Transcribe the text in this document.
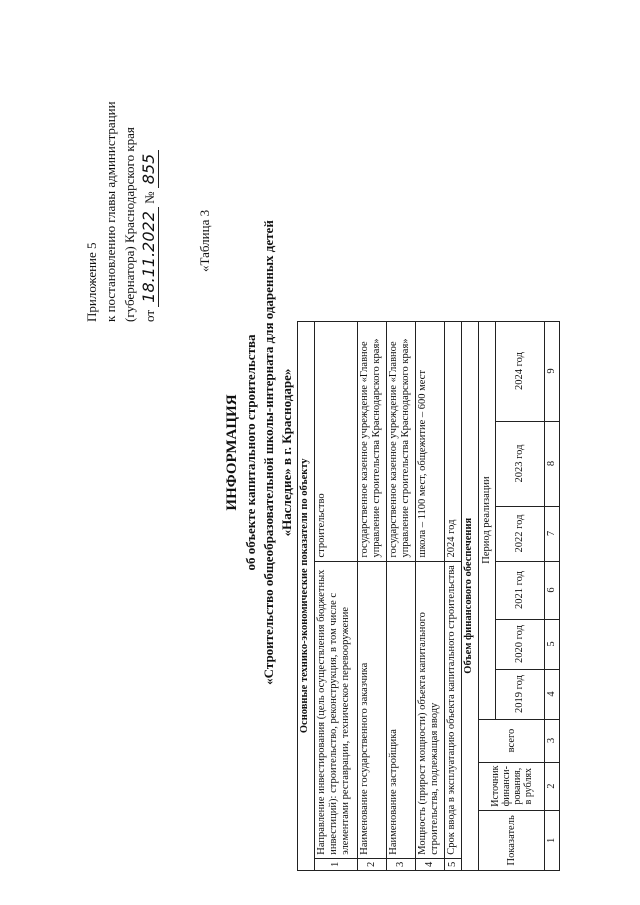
Приложение 5 к постановлению главы администрации (губернатора) Краснодарского края от 18.11.2022 № 855
«Таблица 3
ИНФОРМАЦИЯ об объекте капитального строительства «Строительство общеобразовательной школы-интерната для одаренных детей «Наследие» в г. Краснодаре»
Основные технико-экономические показатели по объекту									
1	Направление инвестирования (цель осуществления бюджетных инвестиций): строительство, реконструкция, в том числе с элементами реставрации, техническое перевооружение						строительство		
2	Наименование государственного заказчика						государственное казенное учреждение «Главное управление строительства Краснодарского края»		
3	Наименование застройщика						государственное казенное учреждение «Главное управление строительства Краснодарского края»		
4	Мощность (прирост мощности) объекта капитального строительства, подлежащая вводу						школа – 1100 мест, общежитие – 600 мест		
5	Срок ввода в эксплуатацию объекта капитального строительства						2024 год		
Объем финансового обеспечения									
Показатель		Источник финанси-рования, в рублях	всего	Период реализации					
				2019 год	2020 год	2021 год	2022 год	2023 год	2024 год
1		2	3	4	5	6	7	8	9
